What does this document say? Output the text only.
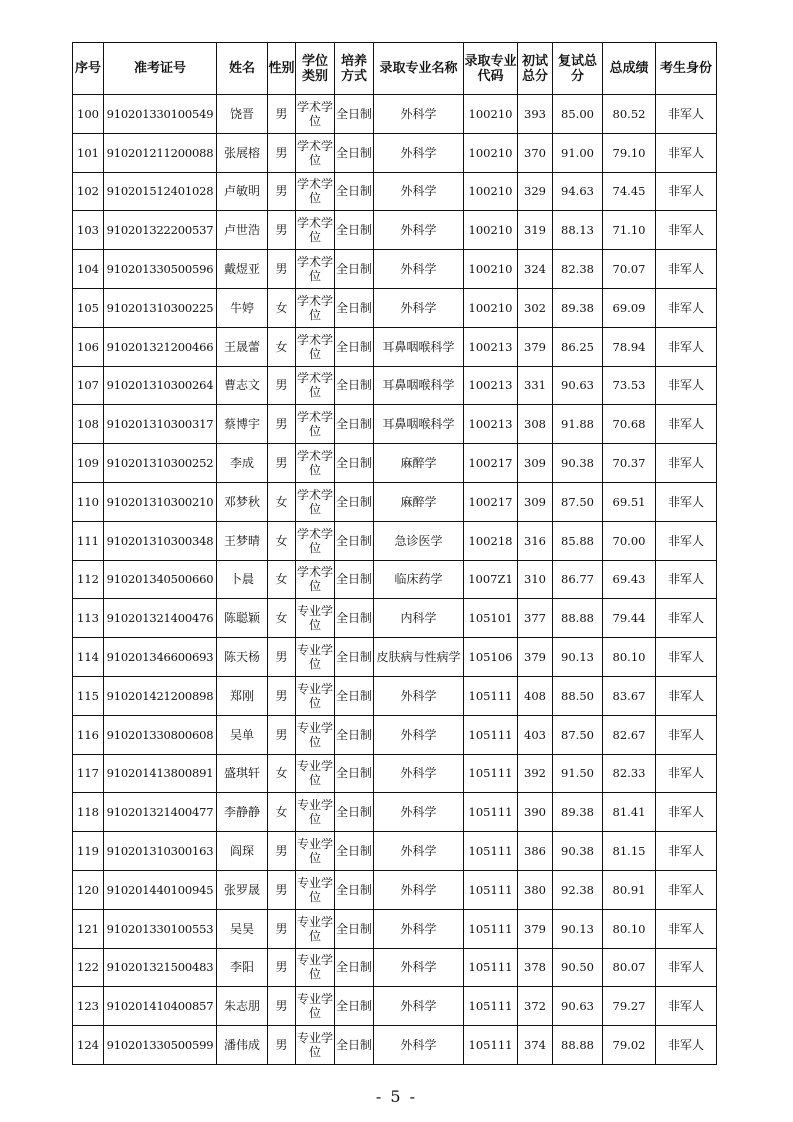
序号	准考证号	姓名	性别	学位类别	培养方式	录取专业名称	录取专业代码	初试总分	复试总分	总成绩	考生身份
100	910201330100549	饶晋	男	学术学位	全日制	外科学	100210	393	85.00	80.52	非军人
101	910201211200088	张展榕	男	学术学位	全日制	外科学	100210	370	91.00	79.10	非军人
102	910201512401028	卢敏明	男	学术学位	全日制	外科学	100210	329	94.63	74.45	非军人
103	910201322200537	卢世浩	男	学术学位	全日制	外科学	100210	319	88.13	71.10	非军人
104	910201330500596	戴煜亚	男	学术学位	全日制	外科学	100210	324	82.38	70.07	非军人
105	910201310300225	牛婷	女	学术学位	全日制	外科学	100210	302	89.38	69.09	非军人
106	910201321200466	王晟蕾	女	学术学位	全日制	耳鼻咽喉科学	100213	379	86.25	78.94	非军人
107	910201310300264	曹志文	男	学术学位	全日制	耳鼻咽喉科学	100213	331	90.63	73.53	非军人
108	910201310300317	蔡博宇	男	学术学位	全日制	耳鼻咽喉科学	100213	308	91.88	70.68	非军人
109	910201310300252	李成	男	学术学位	全日制	麻醉学	100217	309	90.38	70.37	非军人
110	910201310300210	邓梦秋	女	学术学位	全日制	麻醉学	100217	309	87.50	69.51	非军人
111	910201310300348	王梦晴	女	学术学位	全日制	急诊医学	100218	316	85.88	70.00	非军人
112	910201340500660	卜晨	女	学术学位	全日制	临床药学	1007Z1	310	86.77	69.43	非军人
113	910201321400476	陈聪颖	女	专业学位	全日制	内科学	105101	377	88.88	79.44	非军人
114	910201346600693	陈天杨	男	专业学位	全日制	皮肤病与性病学	105106	379	90.13	80.10	非军人
115	910201421200898	郑刚	男	专业学位	全日制	外科学	105111	408	88.50	83.67	非军人
116	910201330800608	吴单	男	专业学位	全日制	外科学	105111	403	87.50	82.67	非军人
117	910201413800891	盛琪轩	女	专业学位	全日制	外科学	105111	392	91.50	82.33	非军人
118	910201321400477	李静静	女	专业学位	全日制	外科学	105111	390	89.38	81.41	非军人
119	910201310300163	阎琛	男	专业学位	全日制	外科学	105111	386	90.38	81.15	非军人
120	910201440100945	张罗晟	男	专业学位	全日制	外科学	105111	380	92.38	80.91	非军人
121	910201330100553	吴昊	男	专业学位	全日制	外科学	105111	379	90.13	80.10	非军人
122	910201321500483	李阳	男	专业学位	全日制	外科学	105111	378	90.50	80.07	非军人
123	910201410400857	朱志朋	男	专业学位	全日制	外科学	105111	372	90.63	79.27	非军人
124	910201330500599	潘伟成	男	专业学位	全日制	外科学	105111	374	88.88	79.02	非军人
- 5 -
